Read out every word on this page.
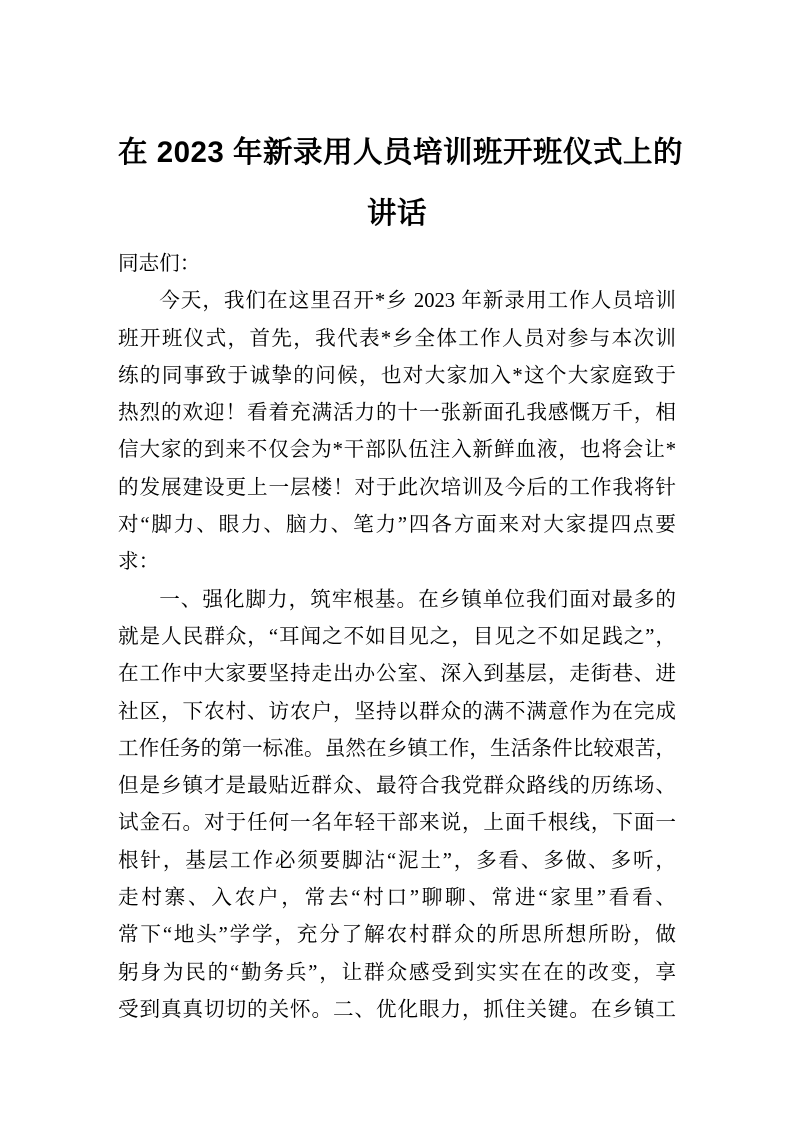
在 2023 年新录用人员培训班开班仪式上的
讲话
同志们：
今天，我们在这里召开*乡 2023 年新录用工作人员培训
班开班仪式，首先，我代表*乡全体工作人员对参与本次训
练的同事致于诚挚的问候，也对大家加入*这个大家庭致于
热烈的欢迎！看着充满活力的十一张新面孔我感慨万千，相
信大家的到来不仅会为*干部队伍注入新鲜血液，也将会让*
的发展建设更上一层楼！对于此次培训及今后的工作我将针
对“脚力、眼力、脑力、笔力”四各方面来对大家提四点要
求：
一、强化脚力，筑牢根基。在乡镇单位我们面对最多的
就是人民群众，“耳闻之不如目见之，目见之不如足践之”，
在工作中大家要坚持走出办公室、深入到基层，走街巷、进
社区，下农村、访农户，坚持以群众的满不满意作为在完成
工作任务的第一标准。虽然在乡镇工作，生活条件比较艰苦，
但是乡镇才是最贴近群众、最符合我党群众路线的历练场、
试金石。对于任何一名年轻干部来说，上面千根线，下面一
根针，基层工作必须要脚沾“泥土”，多看、多做、多听，
走村寨、入农户，常去“村口”聊聊、常进“家里”看看、
常下“地头”学学，充分了解农村群众的所思所想所盼，做
躬身为民的“勤务兵”，让群众感受到实实在在的改变，享
受到真真切切的关怀。二、优化眼力，抓住关键。在乡镇工
